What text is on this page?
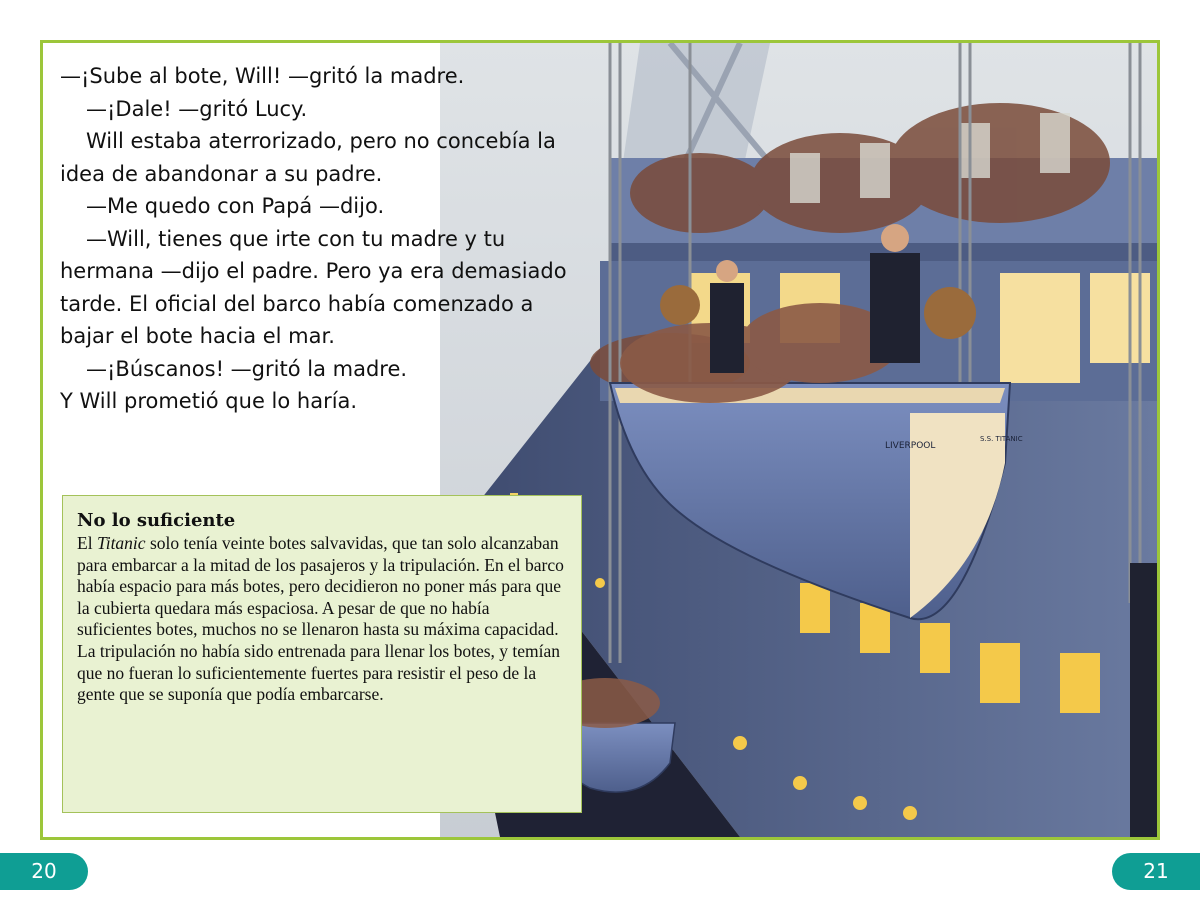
LIVERPOOL
S.S. TITANIC

—¡Sube al bote, Will! —gritó la madre.

—¡Dale! —gritó Lucy.

Will estaba aterrorizado, pero no concebía la idea de abandonar a su padre.

—Me quedo con Papá —dijo.

—Will, tienes que irte con tu madre y tu hermana —dijo el padre. Pero ya era demasiado tarde. El oficial del barco había comenzado a bajar el bote hacia el mar.

—¡Búscanos! —gritó la madre.

Y Will prometió que lo haría.

No lo suficiente

El Titanic solo tenía veinte botes salvavidas, que tan solo alcanzaban para embarcar a la mitad de los pasajeros y la tripulación. En el barco había espacio para más botes, pero decidieron no poner más para que la cubierta quedara más espaciosa. A pesar de que no había suficientes botes, muchos no se llenaron hasta su máxima capacidad. La tripulación no había sido entrenada para llenar los botes, y temían que no fueran lo suficientemente fuertes para resistir el peso de la gente que se suponía que podía embarcarse.

20	21
